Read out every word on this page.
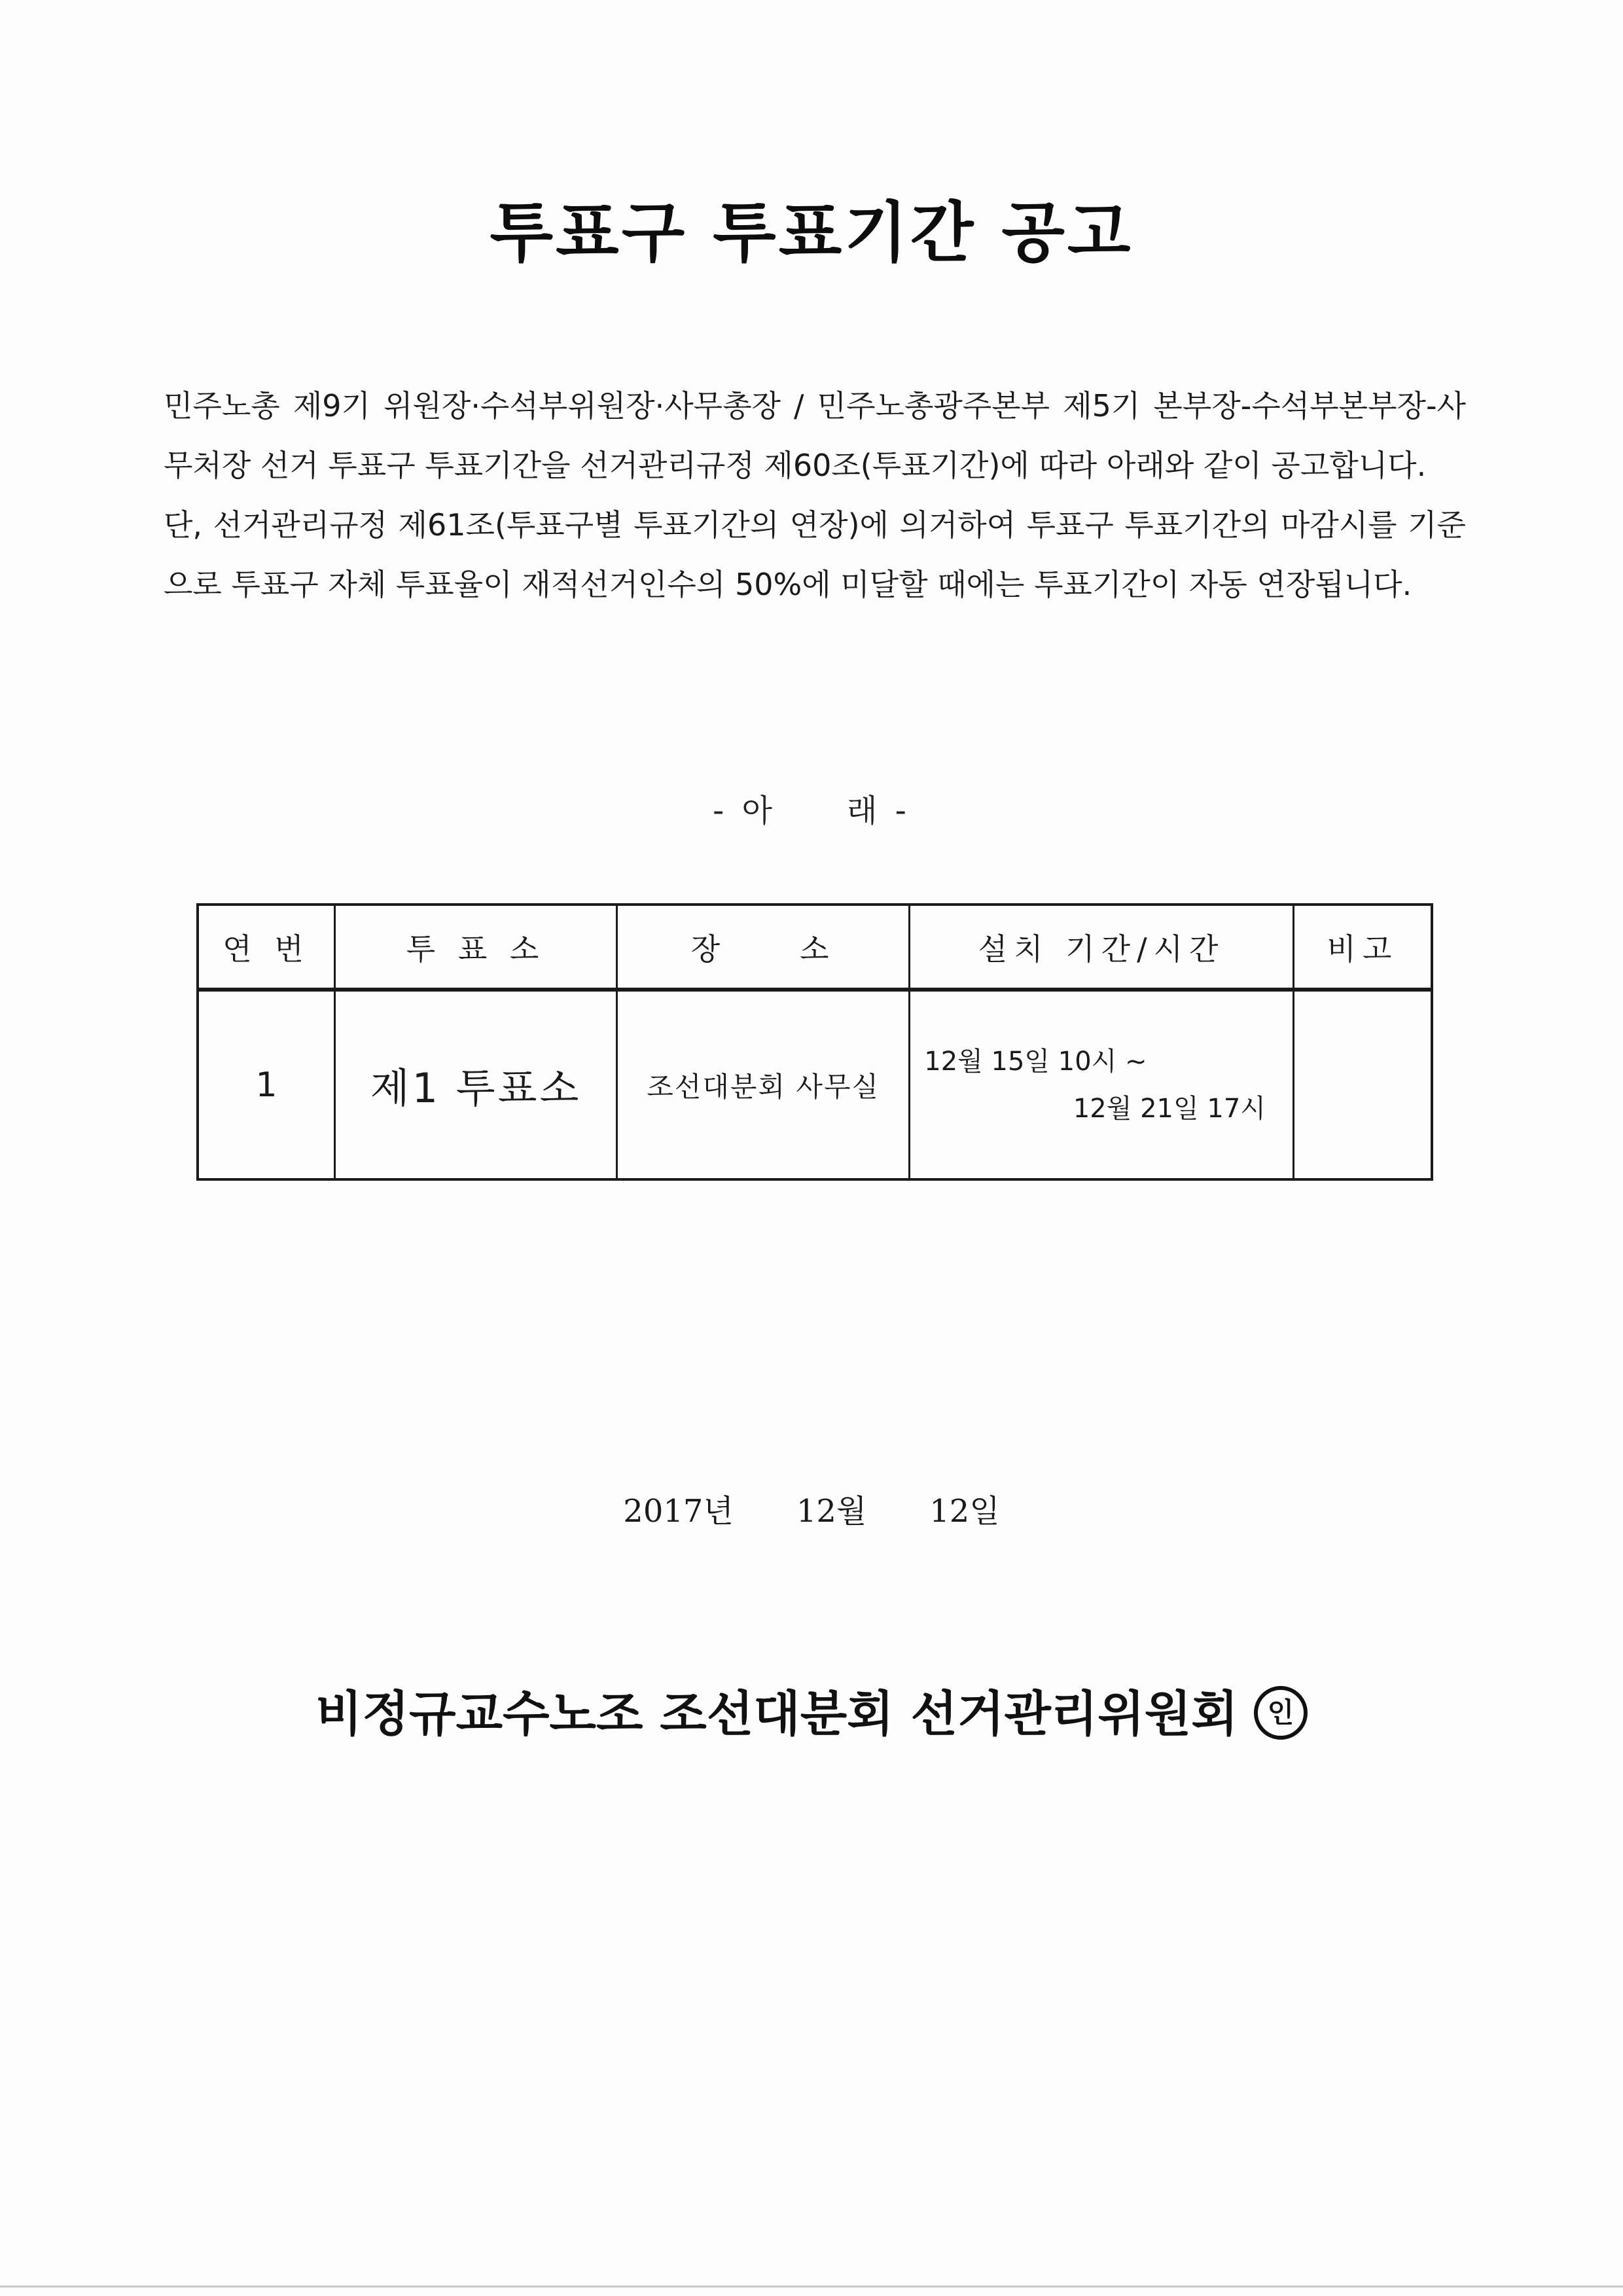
투표구 투표기간 공고

민주노총 제9기 위원장·수석부위원장·사무총장 / 민주노총광주본부 제5기 본부장-수석부본부장-사무처장 선거 투표구 투표기간을 선거관리규정 제60조(투표기간)에 따라 아래와 같이 공고합니다.

단, 선거관리규정 제61조(투표구별 투표기간의 연장)에 의거하여 투표구 투표기간의 마감시를 기준으로 투표구 자체 투표율이 재적선거인수의 50%에 미달할 때에는 투표기간이 자동 연장됩니다.

- 아　　래 -
연 번	투 표 소	장　　소	설치 기간/시간	비고
1	제1 투표소	조선대분회 사무실	12월 15일 10시 ~
12월 21일 17시	

2017년 12월 12일
비정규교수노조 조선대분회 선거관리위원회 인
